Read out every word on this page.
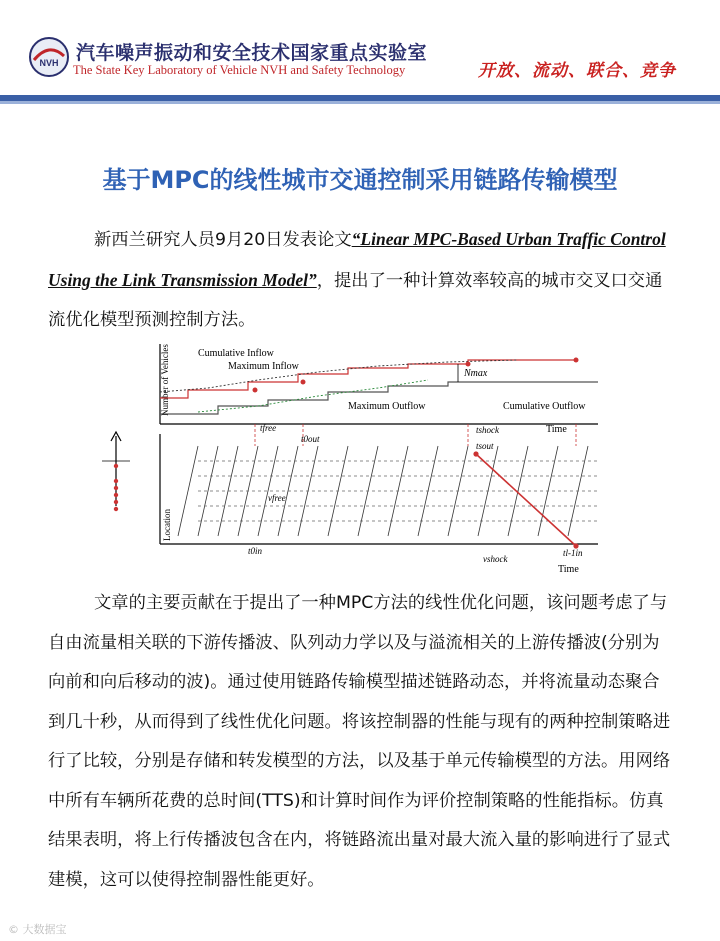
NVH 汽车噪声振动和安全技术国家重点实验室
The State Key Laboratory of Vehicle NVH and Safety Technology	开放、流动、联合、竞争
基于MPC的线性城市交通控制采用链路传输模型
新西兰研究人员9月20日发表论文“Linear MPC-Based Urban Traffic Control Using the Link Transmission Model”，提出了一种计算效率较高的城市交叉口交通流优化模型预测控制方法。
Number of Vehicles	Cumulative Inflow
Maximum Inflow
Maximum Outflow	Cumulative Outflow
Nmax
tfree
t0out
tshock
tsout
Time
Location
vfree
vshock
t0in	tl-1in
Time
文章的主要贡献在于提出了一种MPC方法的线性优化问题，该问题考虑了与自由流量相关联的下游传播波、队列动力学以及与溢流相关的上游传播波(分别为向前和向后移动的波)。通过使用链路传输模型描述链路动态，并将流量动态聚合到几十秒，从而得到了线性优化问题。将该控制器的性能与现有的两种控制策略进行了比较，分别是存储和转发模型的方法，以及基于单元传输模型的方法。用网络中所有车辆所花费的总时间(TTS)和计算时间作为评价控制策略的性能指标。仿真结果表明，将上行传播波包含在内，将链路流出量对最大流入量的影响进行了显式建模，这可以使得控制器性能更好。
© 大数据宝
